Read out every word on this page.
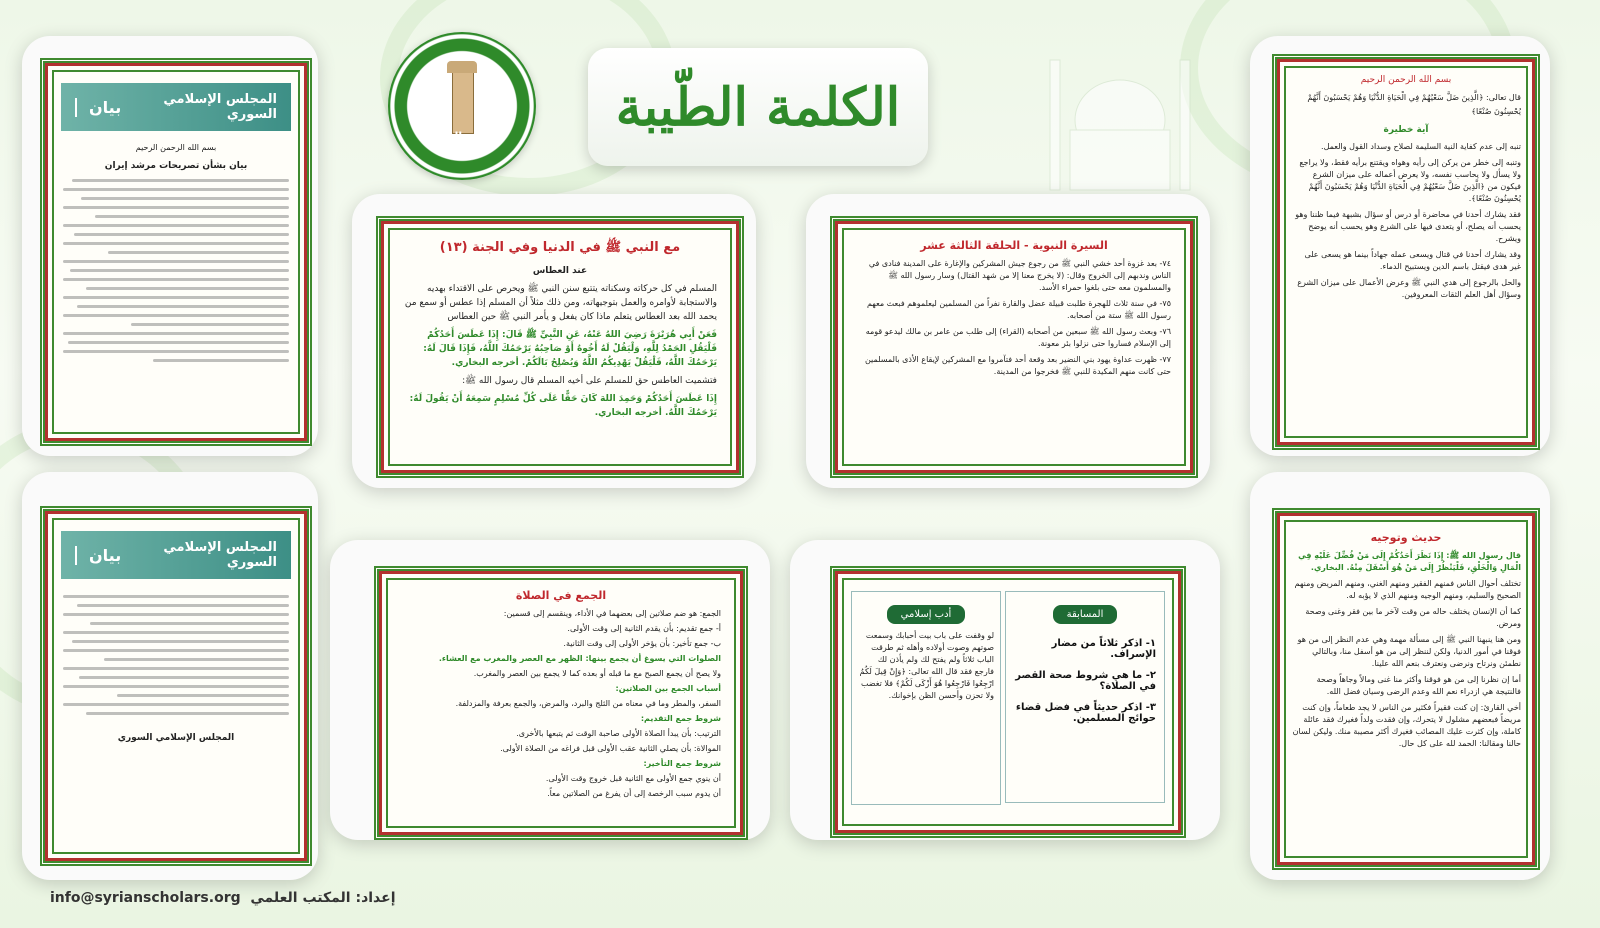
رابطة العلماء السوريين
الكلمة الطّيبة
المجلس الإسلامي السوري
بيان
بسم الله الرحمن الرحيم
بيان بشأن تصريحات مرشد إيران
المجلس الإسلامي السوري
بيان
المجلس الإسلامي السوري
مع النبي ﷺ في الدنيا وفي الجنة (١٣)
عند العطاس
المسلم في كل حركاته وسكناته يتتبع سنن النبي ﷺ ويحرص على الاقتداء بهديه والاستجابة لأوامره والعمل بتوجيهاته، ومن ذلك مثلاً أن المسلم إذا عطس أو سمع من يحمد الله بعد العطاس يتعلم ماذا كان يفعل و يأمر النبي ﷺ حين العطاس
فَعَنْ أَبِي هُرَيْرَةَ رَضِيَ اللهُ عَنْهُ، عَنِ النَّبِيِّ ﷺ قَالَ: إِذَا عَطَسَ أَحَدُكُمْ فَلْيَقُلِ الحَمْدُ لِلَّهِ، وَلْيَقُلْ لَهُ أَخُوهُ أَوْ صَاحِبُهُ يَرْحَمُكَ اللَّهُ، فَإِذَا قَالَ لَهُ: يَرْحَمُكَ اللَّهُ، فَلْيَقُلْ يَهْدِيكُمُ اللَّهُ وَيُصْلِحُ بَالَكُمْ. أخرجه البخاري.
فتشميت العاطس حق للمسلم على أخيه المسلم قال رسول الله ﷺ:
إِذَا عَطَسَ أَحَدُكُمْ وَحَمِدَ اللهَ كَانَ حَقًّا عَلَى كُلِّ مُسْلِمٍ سَمِعَهُ أَنْ يَقُولَ لَهُ: يَرْحَمُكَ اللَّهُ. أخرجه البخاري.
السيرة النبوية - الحلقة الثالثة عشر
٧٤- بعد غزوة أحد خشي النبي ﷺ من رجوع جيش المشركين والإغارة على المدينة فنادى في الناس وندبهم إلى الخروج وقال: (لا يخرج معنا إلا من شهد القتال) وسار رسول الله ﷺ والمسلمون معه حتى بلغوا حمراء الأسد.
٧٥- في سنة ثلاث للهجرة طلبت قبيلة عضل والقارة نفراً من المسلمين ليعلموهم فبعث معهم رسول الله ﷺ ستة من أصحابه.
٧٦- وبعث رسول الله ﷺ سبعين من أصحابه (القراء) إلى طلب من عامر بن مالك ليدعو قومه إلى الإسلام فساروا حتى نزلوا بئر معونة.
٧٧- ظهرت عداوة يهود بني النضير بعد وقعة أحد فتآمروا مع المشركين لإيقاع الأذى بالمسلمين حتى كانت منهم المكيدة للنبي ﷺ فخرجوا من المدينة.
بسم الله الرحمن الرحيم
قال تعالى: ﴿الَّذِينَ ضَلَّ سَعْيُهُمْ فِي الْحَيَاةِ الدُّنْيَا وَهُمْ يَحْسَبُونَ أَنَّهُمْ يُحْسِنُونَ صُنْعًا﴾
آية خطيرة
تنبه إلى عدم كفاية النية السليمة لصلاح وسداد القول والعمل.
وتنبه إلى خطر من يركن إلى رأيه وهواه ويقتنع برأيه فقط، ولا يراجع ولا يسأل ولا يحاسب نفسه، ولا يعرض أعماله على ميزان الشرع فيكون من ﴿الَّذِينَ ضَلَّ سَعْيُهُمْ فِي الْحَيَاةِ الدُّنْيَا وَهُمْ يَحْسَبُونَ أَنَّهُمْ يُحْسِنُونَ صُنْعًا﴾.
فقد يشارك أحدنا في محاضرة أو درس أو سؤال بشبهة فيما ظننا وهو يحسب أنه يصلح، أو يتعدى فيها على الشرع وهو يحسب أنه يوضح ويشرح.
وقد يشارك أحدنا في قتال ويسعى عمله جهاداً بينما هو يسعى على غير هدى فيقتل باسم الدين ويستبيح الدماء.
والحل بالرجوع إلى هدي النبي ﷺ وعرض الأعمال على ميزان الشرع وسؤال أهل العلم الثقات المعروفين.
الجمع في الصلاة
الجمع: هو ضم صلاتين إلى بعضهما في الأداء، وينقسم إلى قسمين:
أ- جمع تقديم: بأن يقدم الثانية إلى وقت الأولى.
ب- جمع تأخير: بأن يؤخر الأولى إلى وقت الثانية.
الصلوات التي يسوغ أن يجمع بينها: الظهر مع العصر والمغرب مع العشاء.
ولا يصح أن يجمع الصبح مع ما قبله أو بعده كما لا يجمع بين العصر والمغرب.
أسباب الجمع بين الصلاتين:
السفر، والمطر وما في معناه من الثلج والبرد، والمرض، والجمع بعرفة والمزدلفة.
شروط جمع التقديم:
الترتيب: بأن يبدأ الصلاة الأولى صاحبة الوقت ثم يتبعها بالأخرى.
الموالاة: بأن يصلي الثانية عقب الأولى قبل فراغه من الصلاة الأولى.
شروط جمع التأخير:
أن ينوي جمع الأولى مع الثانية قبل خروج وقت الأولى.
أن يدوم سبب الرخصة إلى أن يفرغ من الصلاتين معاً.
أدب إسلامي
لو وقفت على باب بيت أحبابك وسمعت صوتهم وصوت أولاده وأهله ثم طرقت الباب ثلاثاً ولم يفتح لك ولم يأذن لك فارجع فقد قال الله تعالى: ﴿وَإِنْ قِيلَ لَكُمُ ارْجِعُوا فَارْجِعُوا هُوَ أَزْكَى لَكُمْ﴾ فلا تغضب ولا تحزن وأحسن الظن بإخوانك.
المسابقة
١- اذكر ثلاثاً من مضار الإسراف.
٢- ما هي شروط صحة القصر في الصلاة؟
٣- اذكر حديثاً في فضل قضاء حوائج المسلمين.
حديث وتوجيه
قال رسول الله ﷺ: إِذَا نَظَرَ أَحَدُكُمْ إِلَى مَنْ فُضِّلَ عَلَيْهِ فِي الْمَالِ وَالْخَلْقِ، فَلْيَنْظُرْ إِلَى مَنْ هُوَ أَسْفَلَ مِنْهُ. البخاري.
تختلف أحوال الناس فمنهم الفقير ومنهم الغني، ومنهم المريض ومنهم الصحيح والسليم، ومنهم الوجيه ومنهم الذي لا يؤبه له.
كما أن الإنسان يختلف حاله من وقت لآخر ما بين فقر وغنى وصحة ومرض.
ومن هنا ينبهنا النبي ﷺ إلى مسألة مهمة وهي عدم النظر إلى من هو فوقنا في أمور الدنيا، ولكن لننظر إلى من هو أسفل منا، وبالتالي نطمئن ونرتاح ونرضى ونعترف بنعم الله علينا.
أما إن نظرنا إلى من هو فوقنا وأكثر منا غنى ومالاً وجاهاً وصحة فالنتيجة هي ازدراء نعم الله وعدم الرضى وسيان فضل الله.
أخي القارئ: إن كنت فقيراً فكثير من الناس لا يجد طعاماً، وإن كنت مريضاً فبعضهم مشلول لا يتحرك، وإن فقدت ولداً فغيرك فقد عائلة كاملة، وإن كثرت عليك المصائب فغيرك أكثر مصيبة منك. وليكن لسان حالنا ومقالنا: الحمد لله على كل حال.
info@syrianscholars.org إعداد: المكتب العلمي
